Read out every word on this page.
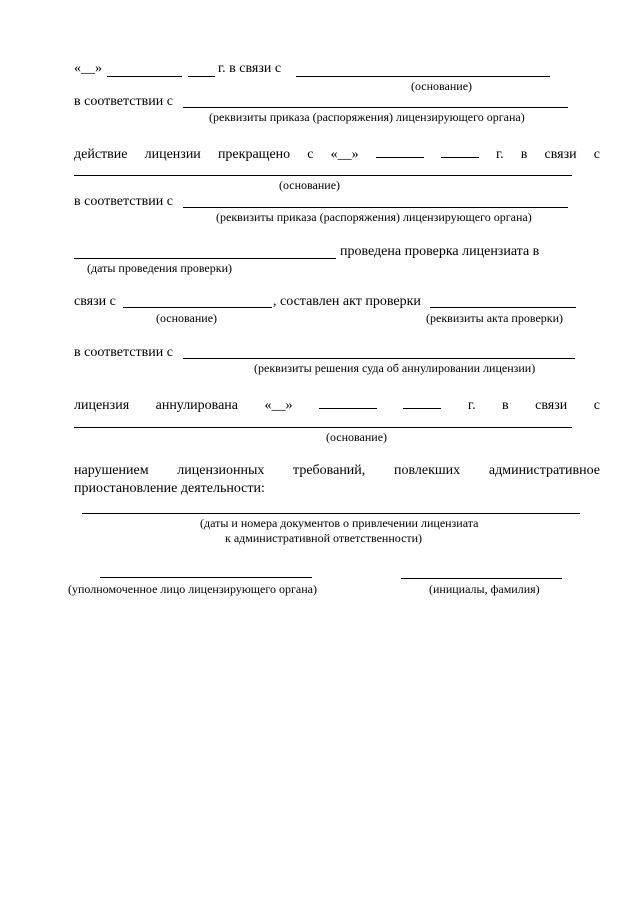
«__»	г. в связи с
(основание)
в соответствии с
(реквизиты приказа (распоряжения) лицензирующего органа)
действие лицензии прекращено с «__»	г. в связи с
(основание)
в соответствии с
(реквизиты приказа (распоряжения) лицензирующего органа)
проведена проверка лицензиата в
(даты проведения проверки)
связи с	, составлен акт проверки
(основание)	(реквизиты акта проверки)
в соответствии с
(реквизиты решения суда об аннулировании лицензии)
лицензия аннулирована «__»	г. в связи с
(основание)
нарушением лицензионных требований, повлекших административное
приостановление деятельности:
(даты и номера документов о привлечении лицензиата
к административной ответственности)
(уполномоченное лицо лицензирующего органа)	(инициалы, фамилия)
